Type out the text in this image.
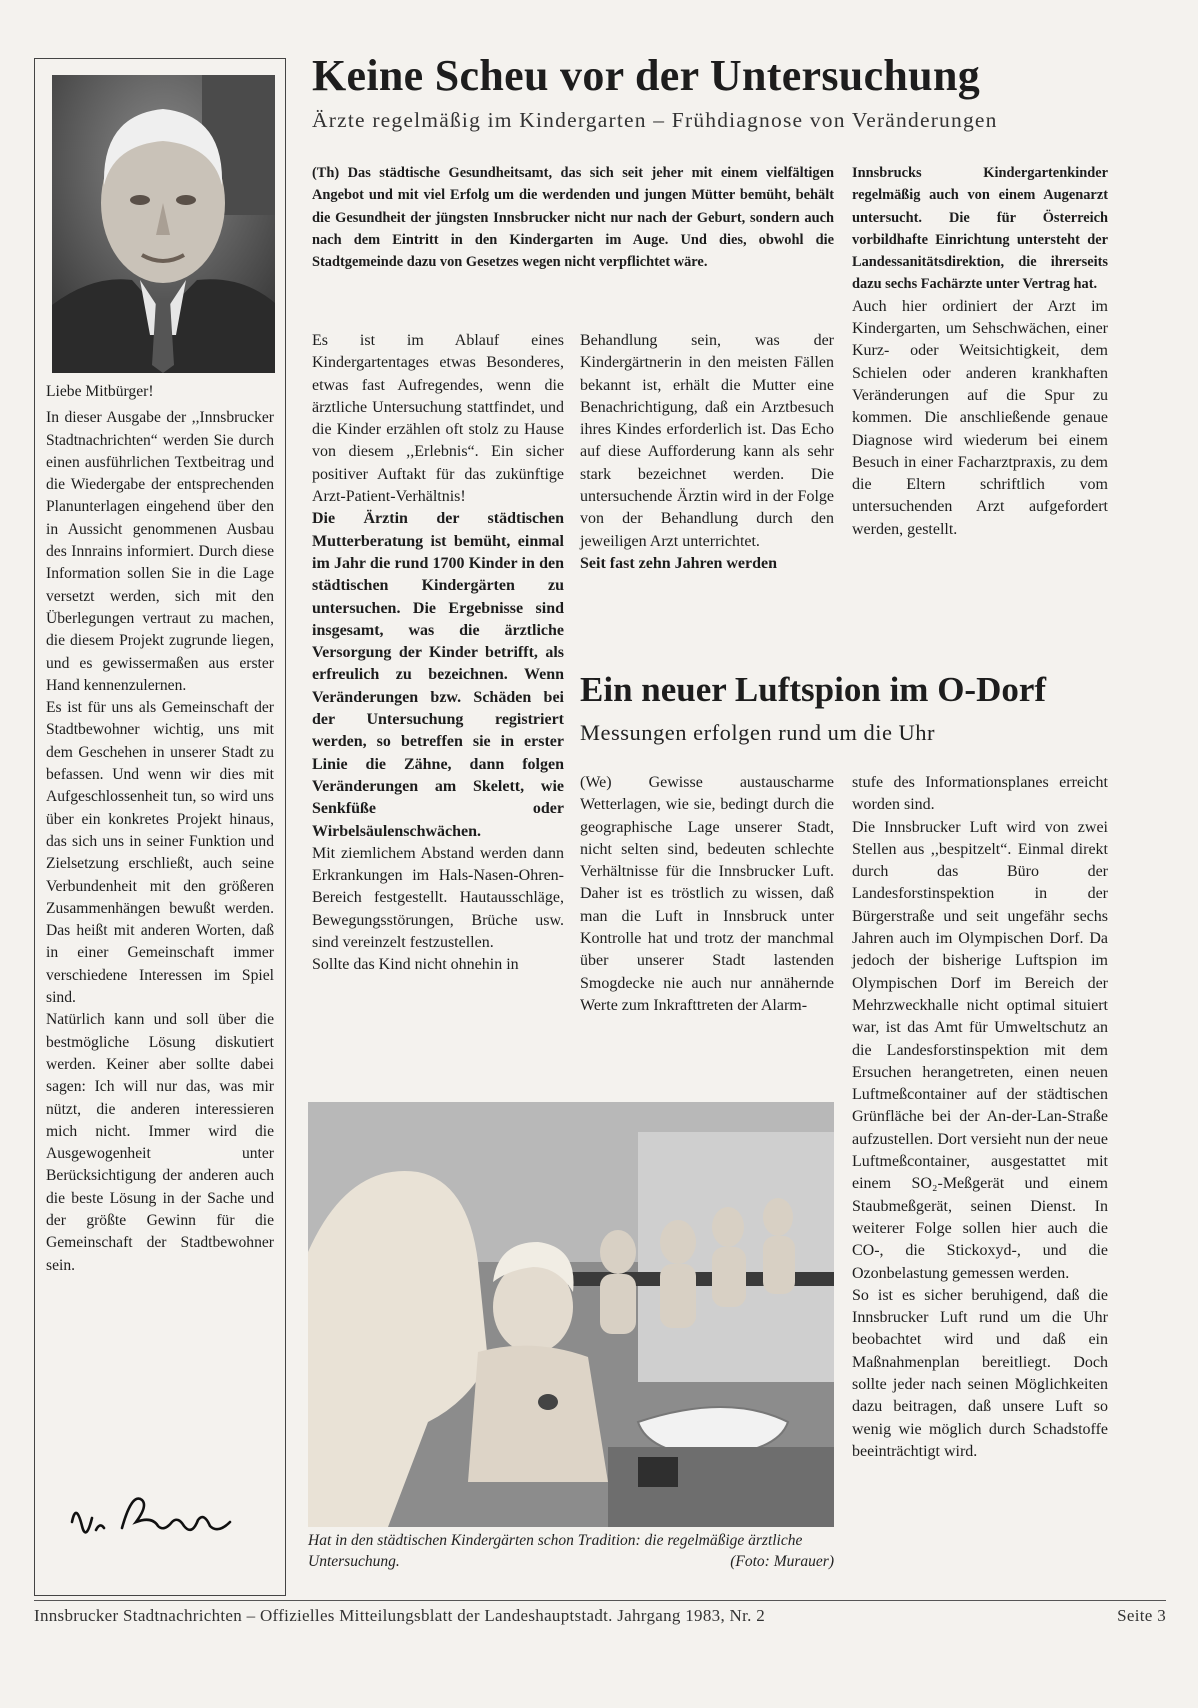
Liebe Mitbürger!

In dieser Ausgabe der ,,Innsbrucker Stadtnachrichten“ werden Sie durch einen ausführlichen Textbeitrag und die Wiedergabe der entsprechenden Planunterlagen eingehend über den in Aussicht genommenen Ausbau des Innrains informiert. Durch diese Information sollen Sie in die Lage versetzt werden, sich mit den Überlegungen vertraut zu machen, die diesem Projekt zugrunde liegen, und es gewissermaßen aus erster Hand kennenzulernen.

Es ist für uns als Gemeinschaft der Stadtbewohner wichtig, uns mit dem Geschehen in unserer Stadt zu befassen. Und wenn wir dies mit Aufgeschlossenheit tun, so wird uns über ein konkretes Projekt hinaus, das sich uns in seiner Funktion und Zielsetzung erschließt, auch seine Verbundenheit mit den größeren Zusammenhängen bewußt werden. Das heißt mit anderen Worten, daß in einer Gemeinschaft immer verschiedene Interessen im Spiel sind.

Natürlich kann und soll über die bestmögliche Lösung diskutiert werden. Keiner aber sollte dabei sagen: Ich will nur das, was mir nützt, die anderen interessieren mich nicht. Immer wird die Ausgewogenheit unter Berücksichtigung der anderen auch die beste Lösung in der Sache und der größte Gewinn für die Gemeinschaft der Stadtbewohner sein.

Keine Scheu vor der Untersuchung
Ärzte regelmäßig im Kindergarten – Frühdiagnose von Veränderungen
(Th) Das städtische Gesundheitsamt, das sich seit jeher mit einem vielfältigen Angebot und mit viel Erfolg um die werdenden und jungen Mütter bemüht, behält die Gesundheit der jüngsten Innsbrucker nicht nur nach der Geburt, sondern auch nach dem Eintritt in den Kindergarten im Auge. Und dies, obwohl die Stadtgemeinde dazu von Gesetzes wegen nicht verpflichtet wäre.

Es ist im Ablauf eines Kindergartentages etwas Besonderes, etwas fast Aufregendes, wenn die ärztliche Untersuchung stattfindet, und die Kinder erzählen oft stolz zu Hause von diesem ,,Erlebnis“. Ein sicher positiver Auftakt für das zukünftige Arzt-Patient-Verhältnis!

Die Ärztin der städtischen Mutterberatung ist bemüht, einmal im Jahr die rund 1700 Kinder in den städtischen Kindergärten zu untersuchen. Die Ergebnisse sind insgesamt, was die ärztliche Versorgung der Kinder betrifft, als erfreulich zu bezeichnen. Wenn Veränderungen bzw. Schäden bei der Untersuchung registriert werden, so betreffen sie in erster Linie die Zähne, dann folgen Veränderungen am Skelett, wie Senkfüße oder Wirbelsäulenschwächen.

Mit ziemlichem Abstand werden dann Erkrankungen im Hals-Nasen-Ohren-Bereich festgestellt. Hautausschläge, Bewegungsstörungen, Brüche usw. sind vereinzelt festzustellen.

Sollte das Kind nicht ohnehin in

Behandlung sein, was der Kindergärtnerin in den meisten Fällen bekannt ist, erhält die Mutter eine Benachrichtigung, daß ein Arztbesuch ihres Kindes erforderlich ist. Das Echo auf diese Aufforderung kann als sehr stark bezeichnet werden. Die untersuchende Ärztin wird in der Folge von der Behandlung durch den jeweiligen Arzt unterrichtet.

Seit fast zehn Jahren werden

Innsbrucks Kindergartenkinder regelmäßig auch von einem Augenarzt untersucht. Die für Österreich vorbildhafte Einrichtung untersteht der Landessanitätsdirektion, die ihrerseits dazu sechs Fachärzte unter Vertrag hat.

Auch hier ordiniert der Arzt im Kindergarten, um Sehschwächen, einer Kurz- oder Weitsichtigkeit, dem Schielen oder anderen krankhaften Veränderungen auf die Spur zu kommen. Die anschließende genaue Diagnose wird wiederum bei einem Besuch in einer Facharztpraxis, zu dem die Eltern schriftlich vom untersuchenden Arzt aufgefordert werden, gestellt.

Ein neuer Luftspion im O-Dorf
Messungen erfolgen rund um die Uhr

(We) Gewisse austauscharme Wetterlagen, wie sie, bedingt durch die geographische Lage unserer Stadt, nicht selten sind, bedeuten schlechte Verhältnisse für die Innsbrucker Luft. Daher ist es tröstlich zu wissen, daß man die Luft in Innsbruck unter Kontrolle hat und trotz der manchmal über unserer Stadt lastenden Smogdecke nie auch nur annähernde Werte zum Inkrafttreten der Alarm-

stufe des Informationsplanes erreicht worden sind.

Die Innsbrucker Luft wird von zwei Stellen aus ,,bespitzelt“. Einmal direkt durch das Büro der Landesforstinspektion in der Bürgerstraße und seit ungefähr sechs Jahren auch im Olympischen Dorf. Da jedoch der bisherige Luftspion im Olympischen Dorf im Bereich der Mehrzweckhalle nicht optimal situiert war, ist das Amt für Umweltschutz an die Landesforstinspektion mit dem Ersuchen herangetreten, einen neuen Luftmeßcontainer auf der städtischen Grünfläche bei der An-der-Lan-Straße aufzustellen. Dort versieht nun der neue Luftmeßcontainer, ausgestattet mit einem SO₂-Meßgerät und einem Staubmeßgerät, seinen Dienst. In weiterer Folge sollen hier auch die CO-, die Stickoxyd-, und die Ozonbelastung gemessen werden.

So ist es sicher beruhigend, daß die Innsbrucker Luft rund um die Uhr beobachtet wird und daß ein Maßnahmenplan bereitliegt. Doch sollte jeder nach seinen Möglichkeiten dazu beitragen, daß unsere Luft so wenig wie möglich durch Schadstoffe beeinträchtigt wird.

Hat in den städtischen Kindergärten schon Tradition: die regelmäßige ärztliche Untersuchung.	(Foto: Murauer)
Innsbrucker Stadtnachrichten – Offizielles Mitteilungsblatt der Landeshauptstadt. Jahrgang 1983, Nr. 2	Seite 3
